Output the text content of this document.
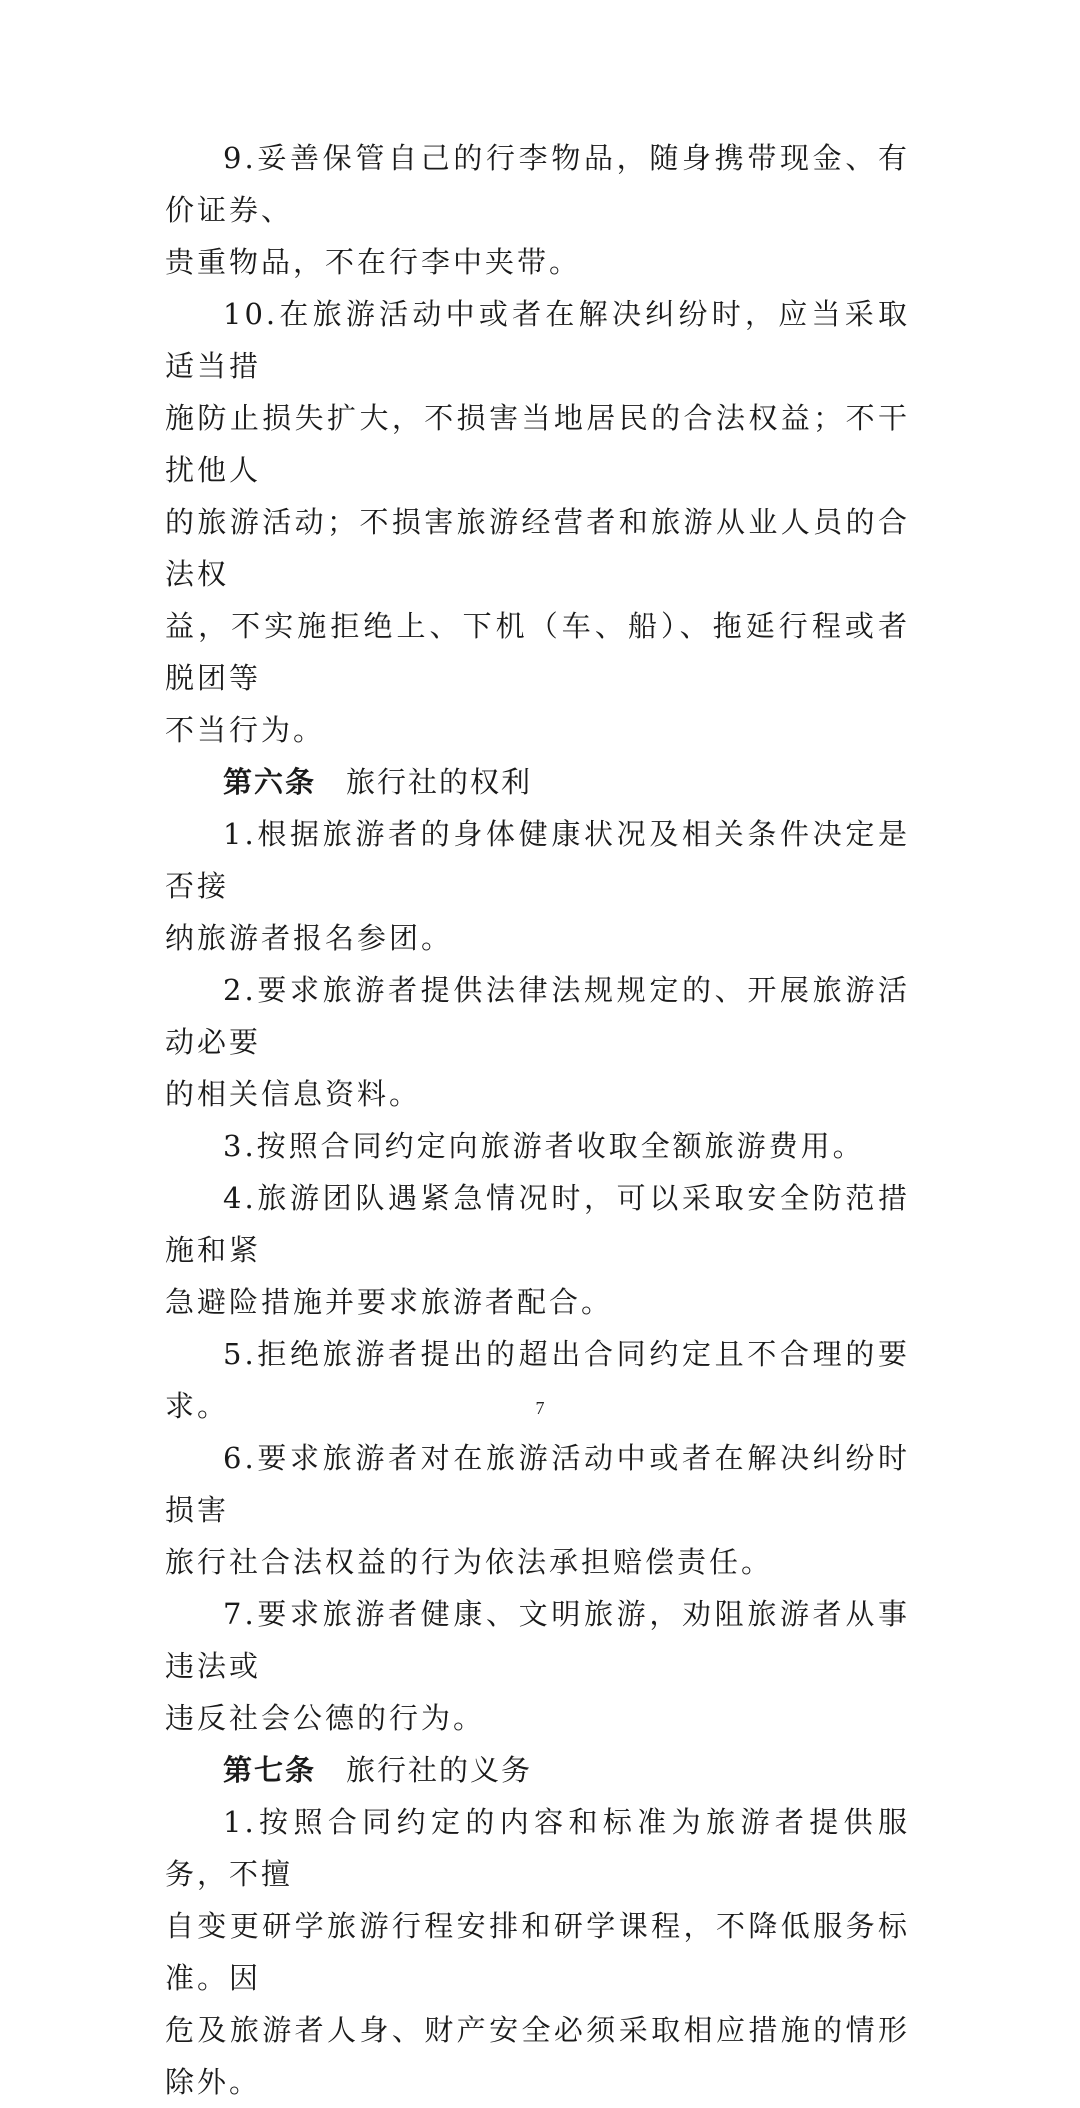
9.妥善保管自己的行李物品，随身携带现金、有价证券、
贵重物品，不在行李中夹带。

10.在旅游活动中或者在解决纠纷时，应当采取适当措
施防止损失扩大，不损害当地居民的合法权益；不干扰他人
的旅游活动；不损害旅游经营者和旅游从业人员的合法权
益，不实施拒绝上、下机（车、船）、拖延行程或者脱团等
不当行为。

第六条 旅行社的权利

1.根据旅游者的身体健康状况及相关条件决定是否接
纳旅游者报名参团。

2.要求旅游者提供法律法规规定的、开展旅游活动必要
的相关信息资料。

3.按照合同约定向旅游者收取全额旅游费用。

4.旅游团队遇紧急情况时，可以采取安全防范措施和紧
急避险措施并要求旅游者配合。

5.拒绝旅游者提出的超出合同约定且不合理的要求。

6.要求旅游者对在旅游活动中或者在解决纠纷时损害
旅行社合法权益的行为依法承担赔偿责任。

7.要求旅游者健康、文明旅游，劝阻旅游者从事违法或
违反社会公德的行为。

第七条 旅行社的义务

1.按照合同约定的内容和标准为旅游者提供服务，不擅
自变更研学旅游行程安排和研学课程，不降低服务标准。因
危及旅游者人身、财产安全必须采取相应措施的情形除外。

7
